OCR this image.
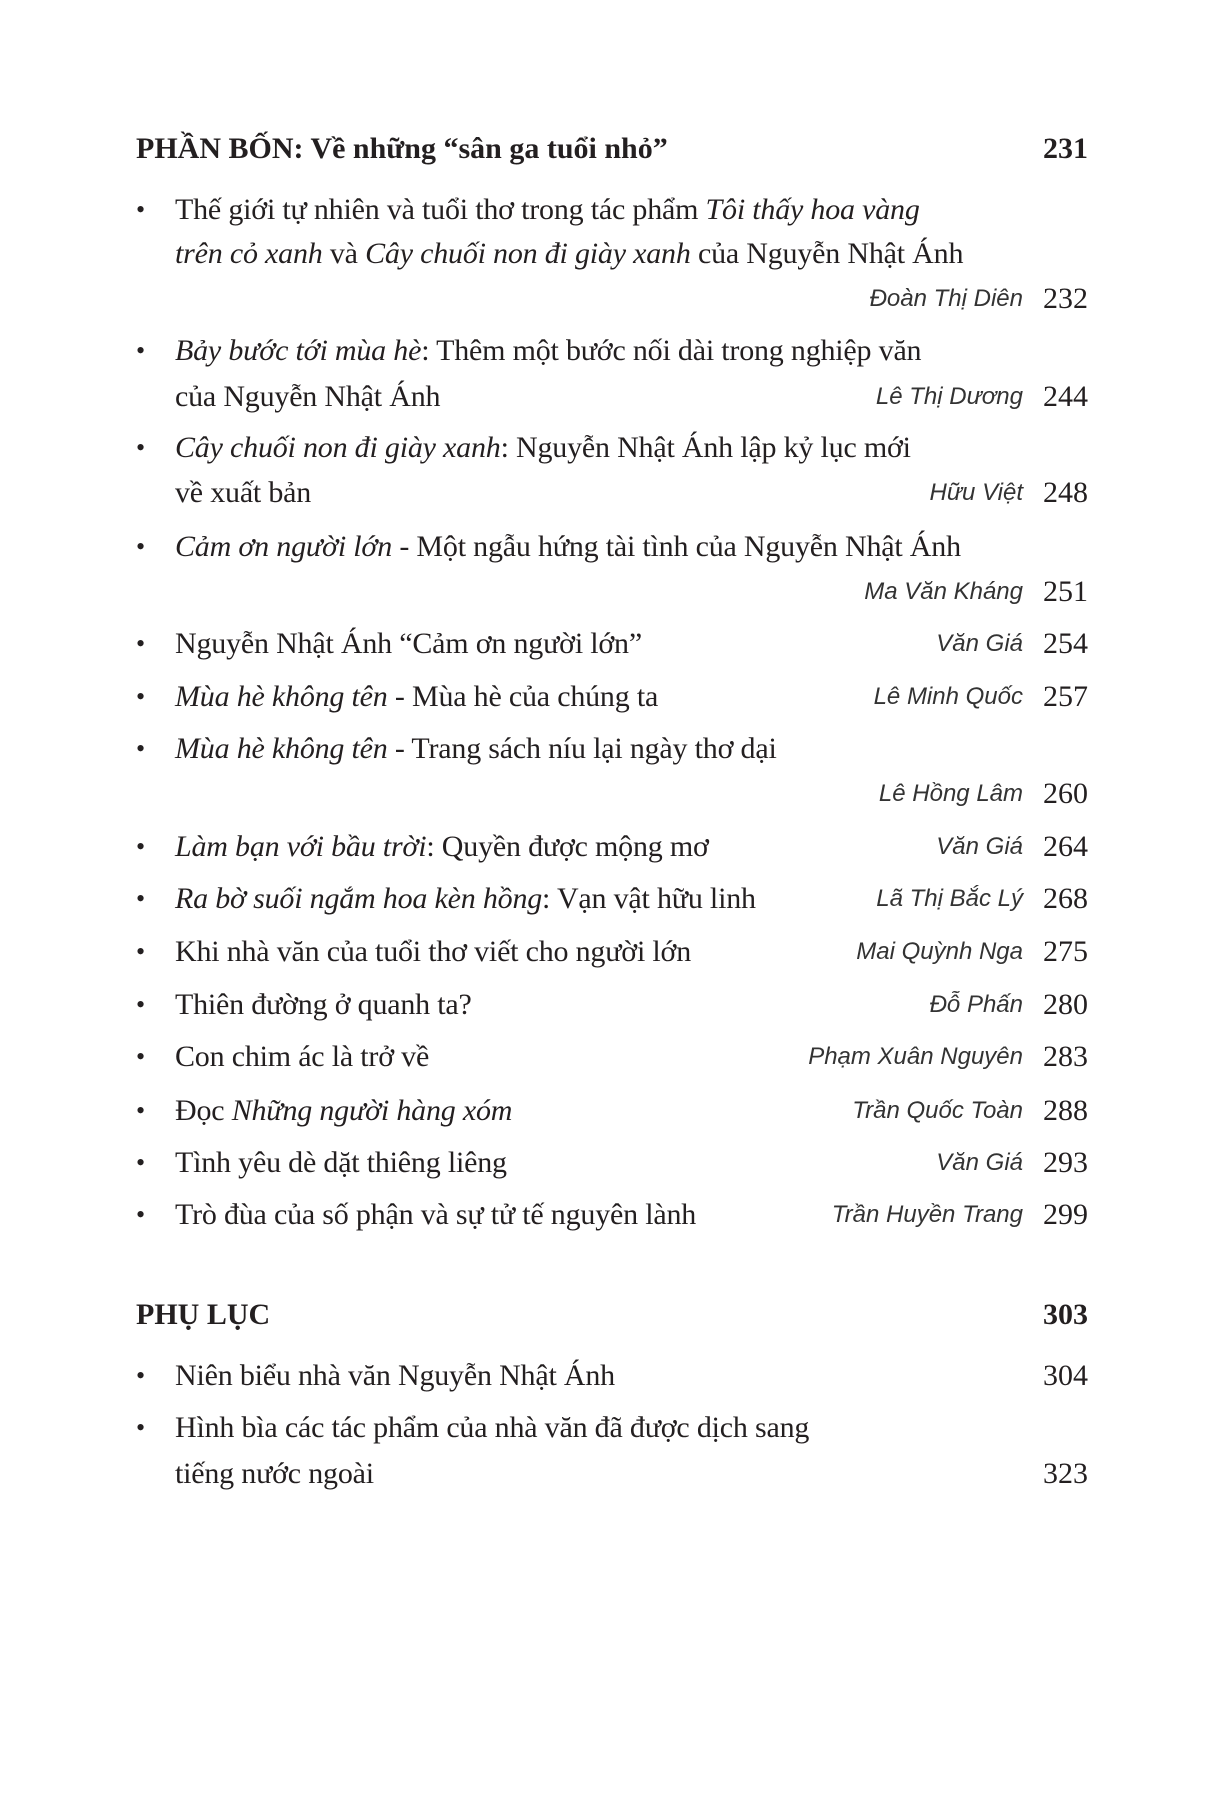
PHẦN BỐN: Về những “sân ga tuổi nhỏ”	231
• Thế giới tự nhiên và tuổi thơ trong tác phẩm Tôi thấy hoa vàng
trên cỏ xanh và Cây chuối non đi giày xanh của Nguyễn Nhật Ánh
Đoàn Thị Diên 232
• Bảy bước tới mùa hè: Thêm một bước nối dài trong nghiệp văn
của Nguyễn Nhật Ánh	Lê Thị Dương 244
• Cây chuối non đi giày xanh: Nguyễn Nhật Ánh lập kỷ lục mới
về xuất bản	Hữu Việt 248
• Cảm ơn người lớn - Một ngẫu hứng tài tình của Nguyễn Nhật Ánh
Ma Văn Kháng 251
• Nguyễn Nhật Ánh “Cảm ơn người lớn”	Văn Giá 254
• Mùa hè không tên - Mùa hè của chúng ta	Lê Minh Quốc 257
• Mùa hè không tên - Trang sách níu lại ngày thơ dại
Lê Hồng Lâm 260
• Làm bạn với bầu trời: Quyền được mộng mơ	Văn Giá 264
• Ra bờ suối ngắm hoa kèn hồng: Vạn vật hữu linh	Lã Thị Bắc Lý 268
• Khi nhà văn của tuổi thơ viết cho người lớn	Mai Quỳnh Nga 275
• Thiên đường ở quanh ta?	Đỗ Phấn 280
• Con chim ác là trở về	Phạm Xuân Nguyên 283
• Đọc Những người hàng xóm	Trần Quốc Toàn 288
• Tình yêu dè dặt thiêng liêng	Văn Giá 293
• Trò đùa của số phận và sự tử tế nguyên lành	Trần Huyền Trang 299
PHỤ LỤC	303
• Niên biểu nhà văn Nguyễn Nhật Ánh	304
• Hình bìa các tác phẩm của nhà văn đã được dịch sang
tiếng nước ngoài	323
